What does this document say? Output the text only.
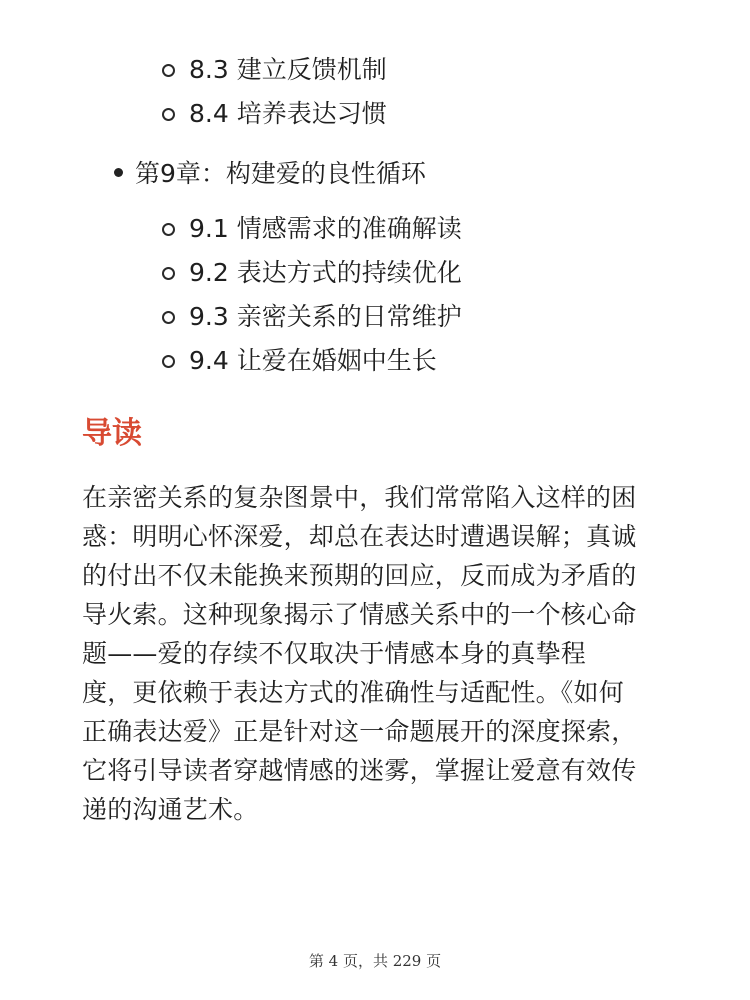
8.3 建立反馈机制
8.4 培养表达习惯
第9章：构建爱的良性循环
9.1 情感需求的准确解读
9.2 表达方式的持续优化
9.3 亲密关系的日常维护
9.4 让爱在婚姻中生长
导读
在亲密关系的复杂图景中，我们常常陷入这样的困
惑：明明心怀深爱，却总在表达时遭遇误解；真诚
的付出不仅未能换来预期的回应，反而成为矛盾的
导火索。这种现象揭示了情感关系中的一个核心命
题——爱的存续不仅取决于情感本身的真挚程
度，更依赖于表达方式的准确性与适配性。《如何
正确表达爱》正是针对这一命题展开的深度探索，
它将引导读者穿越情感的迷雾，掌握让爱意有效传
递的沟通艺术。
第 4 页，共 229 页
